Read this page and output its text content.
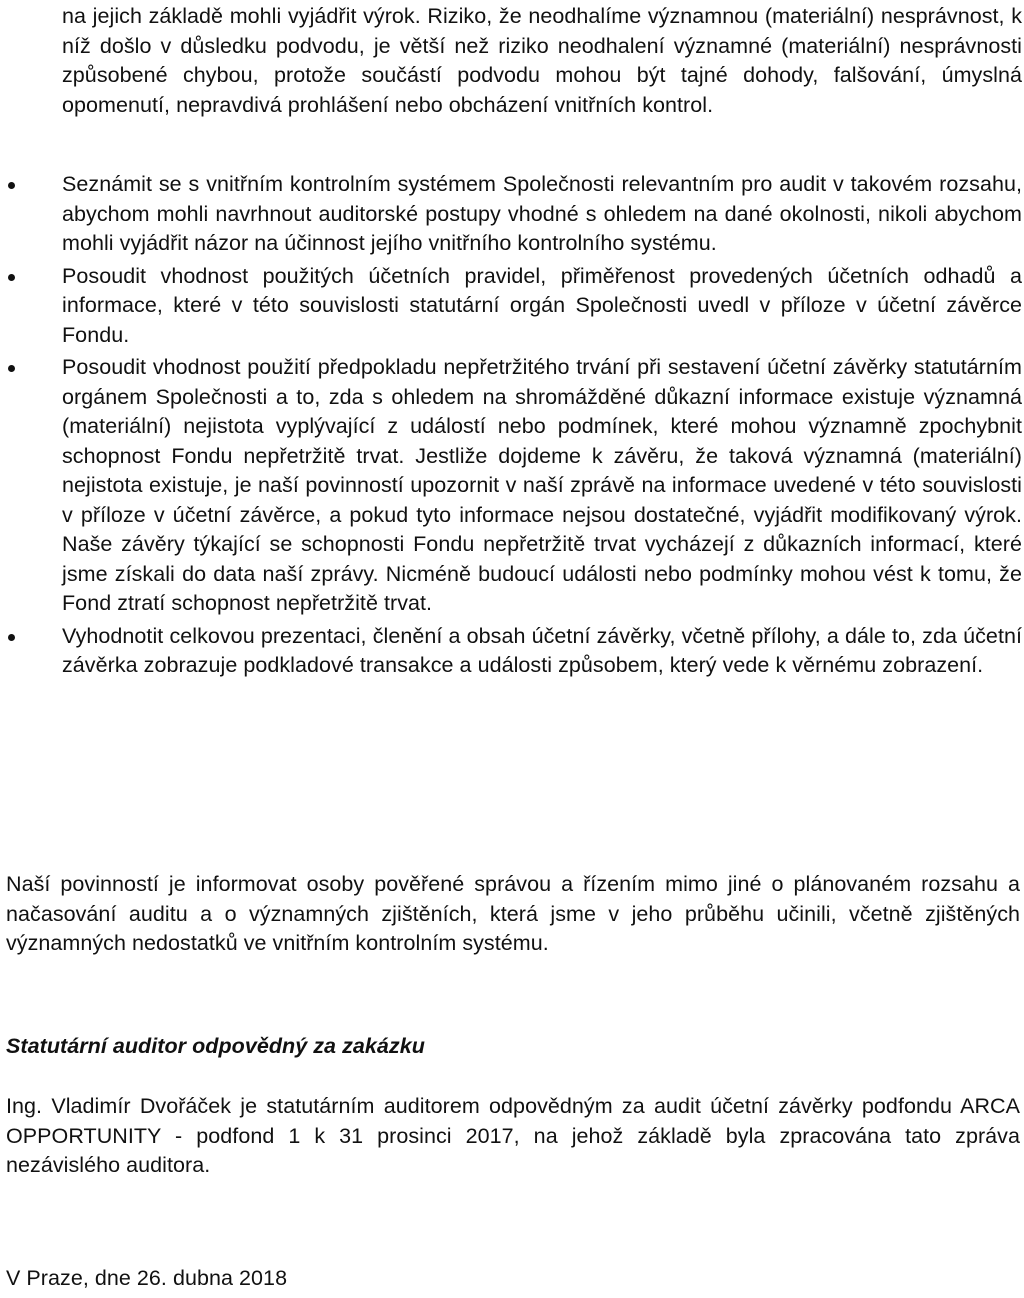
na jejich základě mohli vyjádřit výrok. Riziko, že neodhalíme významnou (materiální) nesprávnost, k níž došlo v důsledku podvodu, je větší než riziko neodhalení významné (materiální) nesprávnosti způsobené chybou, protože součástí podvodu mohou být tajné dohody, falšování, úmyslná opomenutí, nepravdivá prohlášení nebo obcházení vnitřních kontrol.

Seznámit se s vnitřním kontrolním systémem Společnosti relevantním pro audit v takovém rozsahu, abychom mohli navrhnout auditorské postupy vhodné s ohledem na dané okolnosti, nikoli abychom mohli vyjádřit názor na účinnost jejího vnitřního kontrolního systému.

Posoudit vhodnost použitých účetních pravidel, přiměřenost provedených účetních odhadů a informace, které v této souvislosti statutární orgán Společnosti uvedl v příloze v účetní závěrce Fondu.

Posoudit vhodnost použití předpokladu nepřetržitého trvání při sestavení účetní závěrky statutárním orgánem Společnosti a to, zda s ohledem na shromážděné důkazní informace existuje významná (materiální) nejistota vyplývající z událostí nebo podmínek, které mohou významně zpochybnit schopnost Fondu nepřetržitě trvat. Jestliže dojdeme k závěru, že taková významná (materiální) nejistota existuje, je naší povinností upozornit v naší zprávě na informace uvedené v této souvislosti v příloze v účetní závěrce, a pokud tyto informace nejsou dostatečné, vyjádřit modifikovaný výrok. Naše závěry týkající se schopnosti Fondu nepřetržitě trvat vycházejí z důkazních informací, které jsme získali do data naší zprávy. Nicméně budoucí události nebo podmínky mohou vést k tomu, že Fond ztratí schopnost nepřetržitě trvat.

Vyhodnotit celkovou prezentaci, členění a obsah účetní závěrky, včetně přílohy, a dále to, zda účetní závěrka zobrazuje podkladové transakce a události způsobem, který vede k věrnému zobrazení.

Naší povinností je informovat osoby pověřené správou a řízením mimo jiné o plánovaném rozsahu a načasování auditu a o významných zjištěních, která jsme v jeho průběhu učinili, včetně zjištěných významných nedostatků ve vnitřním kontrolním systému.

Statutární auditor odpovědný za zakázku

Ing. Vladimír Dvořáček je statutárním auditorem odpovědným za audit účetní závěrky podfondu ARCA OPPORTUNITY - podfond 1 k 31 prosinci 2017, na jehož základě byla zpracována tato zpráva nezávislého auditora.

V Praze, dne 26. dubna 2018
